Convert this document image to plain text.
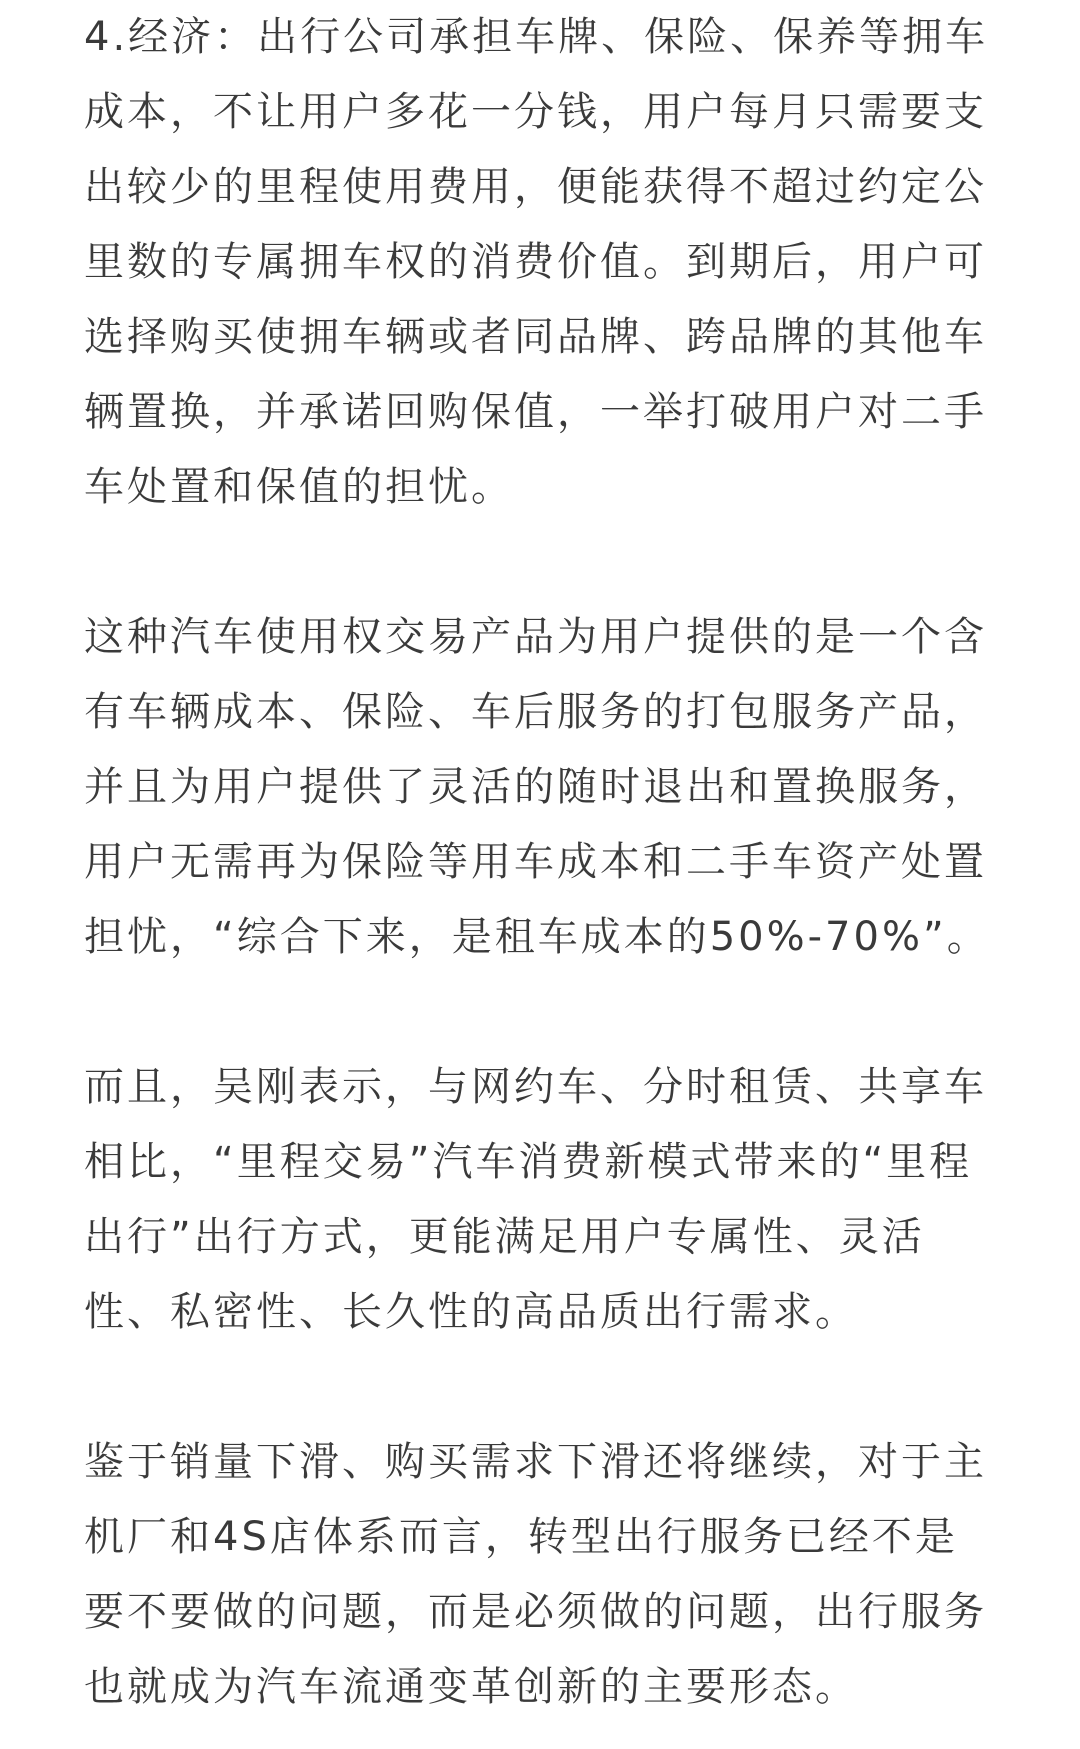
4.经济：出行公司承担车牌、保险、保养等拥车成本，不让用户多花一分钱，用户每月只需要支出较少的里程使用费用，便能获得不超过约定公里数的专属拥车权的消费价值。到期后，用户可选择购买使拥车辆或者同品牌、跨品牌的其他车辆置换，并承诺回购保值，一举打破用户对二手车处置和保值的担忧。

这种汽车使用权交易产品为用户提供的是一个含有车辆成本、保险、车后服务的打包服务产品，并且为用户提供了灵活的随时退出和置换服务，用户无需再为保险等用车成本和二手车资产处置担忧，“综合下来，是租车成本的50%-70%”。

而且，吴刚表示，与网约车、分时租赁、共享车相比，“里程交易”汽车消费新模式带来的“里程出行”出行方式，更能满足用户专属性、灵活性、私密性、长久性的高品质出行需求。

鉴于销量下滑、购买需求下滑还将继续，对于主机厂和4S店体系而言，转型出行服务已经不是要不要做的问题，而是必须做的问题，出行服务也就成为汽车流通变革创新的主要形态。
